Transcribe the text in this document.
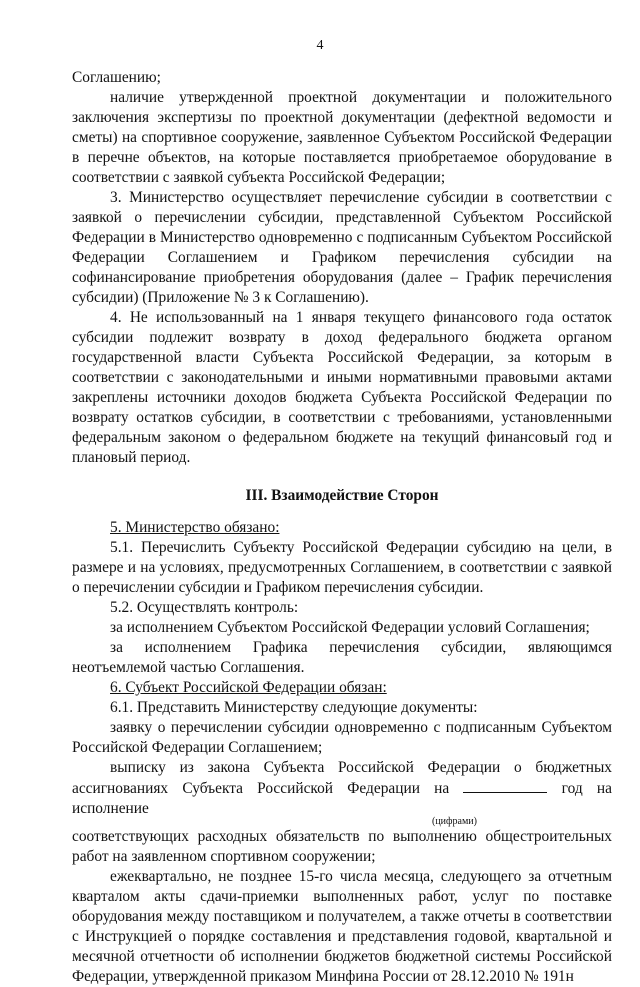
4

Соглашению;

наличие утвержденной проектной документации и положительного заключения экспертизы по проектной документации (дефектной ведомости и сметы) на спортивное сооружение, заявленное Субъектом Российской Федерации в перечне объектов, на которые поставляется приобретаемое оборудование в соответствии с заявкой субъекта Российской Федерации;

3. Министерство осуществляет перечисление субсидии в соответствии с заявкой о перечислении субсидии, представленной Субъектом Российской Федерации в Министерство одновременно с подписанным Субъектом Российской Федерации Соглашением и Графиком перечисления субсидии на софинансирование приобретения оборудования (далее – График перечисления субсидии) (Приложение № 3 к Соглашению).

4. Не использованный на 1 января текущего финансового года остаток субсидии подлежит возврату в доход федерального бюджета органом государственной власти Субъекта Российской Федерации, за которым в соответствии с законодательными и иными нормативными правовыми актами закреплены источники доходов бюджета Субъекта Российской Федерации по возврату остатков субсидии, в соответствии с требованиями, установленными федеральным законом о федеральном бюджете на текущий финансовый год и плановый период.

III. Взаимодействие Сторон

5. Министерство обязано:

5.1. Перечислить Субъекту Российской Федерации субсидию на цели, в размере и на условиях, предусмотренных Соглашением, в соответствии с заявкой о перечислении субсидии и Графиком перечисления субсидии.

5.2. Осуществлять контроль:

за исполнением Субъектом Российской Федерации условий Соглашения;

за исполнением Графика перечисления субсидии, являющимся неотъемлемой частью Соглашения.

6. Субъект Российской Федерации обязан:

6.1. Представить Министерству следующие документы:

заявку о перечислении субсидии одновременно с подписанным Субъектом Российской Федерации Соглашением;

выписку из закона Субъекта Российской Федерации о бюджетных ассигнованиях Субъекта Российской Федерации на	год на исполнение

(цифрами)

соответствующих расходных обязательств по выполнению общестроительных работ на заявленном спортивном сооружении;

ежеквартально, не позднее 15-го числа месяца, следующего за отчетным кварталом акты сдачи-приемки выполненных работ, услуг по поставке оборудования между поставщиком и получателем, а также отчеты в соответствии с Инструкцией о порядке составления и представления годовой, квартальной и месячной отчетности об исполнении бюджетов бюджетной системы Российской Федерации, утвержденной приказом Минфина России от 28.12.2010 № 191н
